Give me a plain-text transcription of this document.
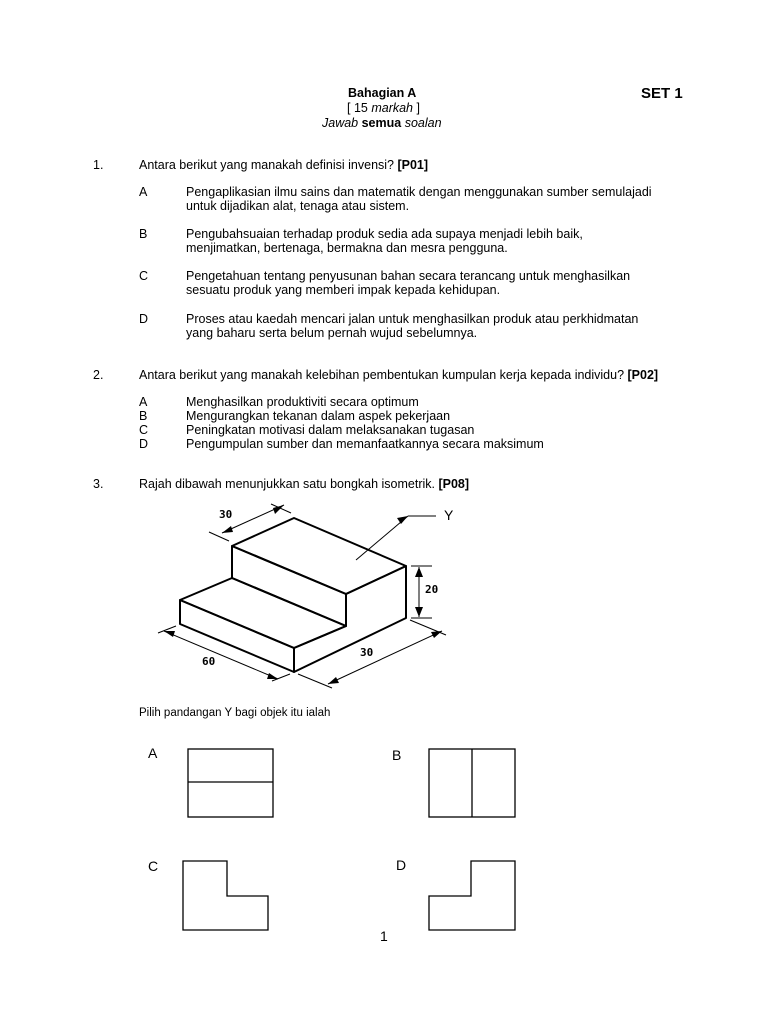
Bahagian A
[ 15 markah ]
Jawab semua soalan
SET 1
1.	Antara berikut yang manakah definisi invensi? [P01]
A	Pengaplikasian ilmu sains dan matematik dengan menggunakan sumber semulajadi
untuk dijadikan alat, tenaga atau sistem.
B	Pengubahsuaian terhadap produk sedia ada supaya menjadi lebih baik,
menjimatkan, bertenaga, bermakna dan mesra pengguna.
C	Pengetahuan tentang penyusunan bahan secara terancang untuk menghasilkan
sesuatu produk yang memberi impak kepada kehidupan.
D	Proses atau kaedah mencari jalan untuk menghasilkan produk atau perkhidmatan
yang baharu serta belum pernah wujud sebelumnya.
2.	Antara berikut yang manakah kelebihan pembentukan kumpulan kerja kepada individu? [P02]
A	Menghasilkan produktiviti secara optimum
B	Mengurangkan tekanan dalam aspek pekerjaan
C	Peningkatan motivasi dalam melaksanakan tugasan
D	Pengumpulan sumber dan memanfaatkannya secara maksimum
3.	Rajah dibawah menunjukkan satu bongkah isometrik. [P08]
30	Y
20
30
60
Pilih pandangan Y bagi objek itu ialah
A	B
C	D
1
